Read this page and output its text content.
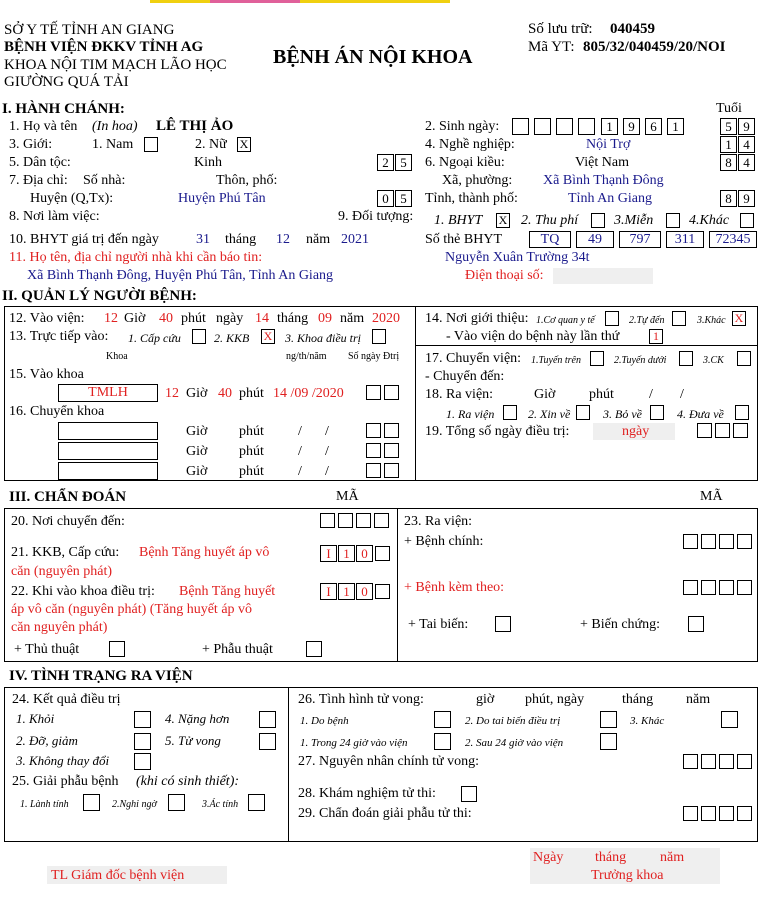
SỞ Y TẾ TỈNH AN GIANG
BỆNH VIỆN ĐKKV TỈNH AG
KHOA NỘI TIM MẠCH LÃO HỌC
GIƯỜNG QUÁ TẢI
BỆNH ÁN NỘI KHOA
Số lưu trữ: 040459
Mã YT: 805/32/040459/20/NOI
I. HÀNH CHÁNH:	Tuổi
1. Họ và tên (In hoa) LÊ THỊ ẢO	2. Sinh ngày:	1	9	6	1	5 9
3. Giới:	1. Nam	2. Nữ X	4. Nghề nghiệp:	Nội Trợ	1 4
5. Dân tộc:	Kinh	2 5	6. Ngoại kiều:	Việt Nam	8 4
7. Địa chỉ: Số nhà:	Thôn, phố:	Xã, phường: Xã Bình Thạnh Đông
Huyện (Q,Tx):	Huyện Phú Tân	0 5	Tỉnh, thành phố:	Tỉnh An Giang	8 9
8. Nơi làm việc:	9. Đối tượng: 1. BHYT X 2. Thu phí	3.Miễn	4.Khác
10. BHYT giá trị đến ngày	31 tháng 12 năm 2021	Số thẻ BHYT	TQ	49	797	311	72345
11. Họ tên, địa chỉ người nhà khi cần báo tin:	Nguyễn Xuân Trường 34t
Xã Bình Thạnh Đông, Huyện Phú Tân, Tỉnh An Giang	Điện thoại số:
II. QUẢN LÝ NGƯỜI BỆNH:
12. Vào viện: 12 Giờ 40 phút ngày 14 tháng 09 năm 2020
13. Trực tiếp vào: 1. Cấp cứu	2. KKB X 3. Khoa điều trị
Khoa	ng/th/năm Số ngày Đtrị
15. Vào khoa
TMLH	12 Giờ 40 phút 14 /09 /2020
16. Chuyển khoa
Giờ phút / /
Giờ phút / /
Giờ phút / /
14. Nơi giới thiệu: 1.Cơ quan y tế	2.Tự đến	3.Khác X
- Vào viện do bệnh này lần thứ	1
17. Chuyển viện: 1.Tuyến trên	2.Tuyến dưới	3.CK
- Chuyển đến:
18. Ra viện:	Giờ phút	/ /
1. Ra viện	2. Xin về	3. Bỏ về	4. Đưa về
19. Tổng số ngày điều trị:	ngày
III. CHẨN ĐOÁN	MÃ	MÃ
20. Nơi chuyển đến:
21. KKB, Cấp cứu: Bệnh Tăng huyết áp vô
căn (nguyên phát)
I 1 0
22. Khi vào khoa điều trị: Bệnh Tăng huyết
áp vô căn (nguyên phát) (Tăng huyết áp vô
căn nguyên phát)
I 1 0
+ Thủ thuật	+ Phẫu thuật
23. Ra viện:
+ Bệnh chính:
+ Bệnh kèm theo:
+ Tai biến:	+ Biến chứng:
IV. TÌNH TRẠNG RA VIỆN
24. Kết quả điều trị
1. Khỏi	4. Nặng hơn
2. Đỡ, giảm	5. Tử vong
3. Không thay đổi
25. Giải phẫu bệnh (khi có sinh thiết):
1. Lành tính	2.Nghi ngờ	3.Ác tính
26. Tình hình tử vong:	giờ phút, ngày	tháng năm
1. Do bệnh	2. Do tai biến điều trị	3. Khác
1. Trong 24 giờ vào viện	2. Sau 24 giờ vào viện
27. Nguyên nhân chính tử vong:
28. Khám nghiệm tử thi:
29. Chẩn đoán giải phẫu tử thi:
Ngày tháng năm
TL Giám đốc bệnh viện	Trưởng khoa
